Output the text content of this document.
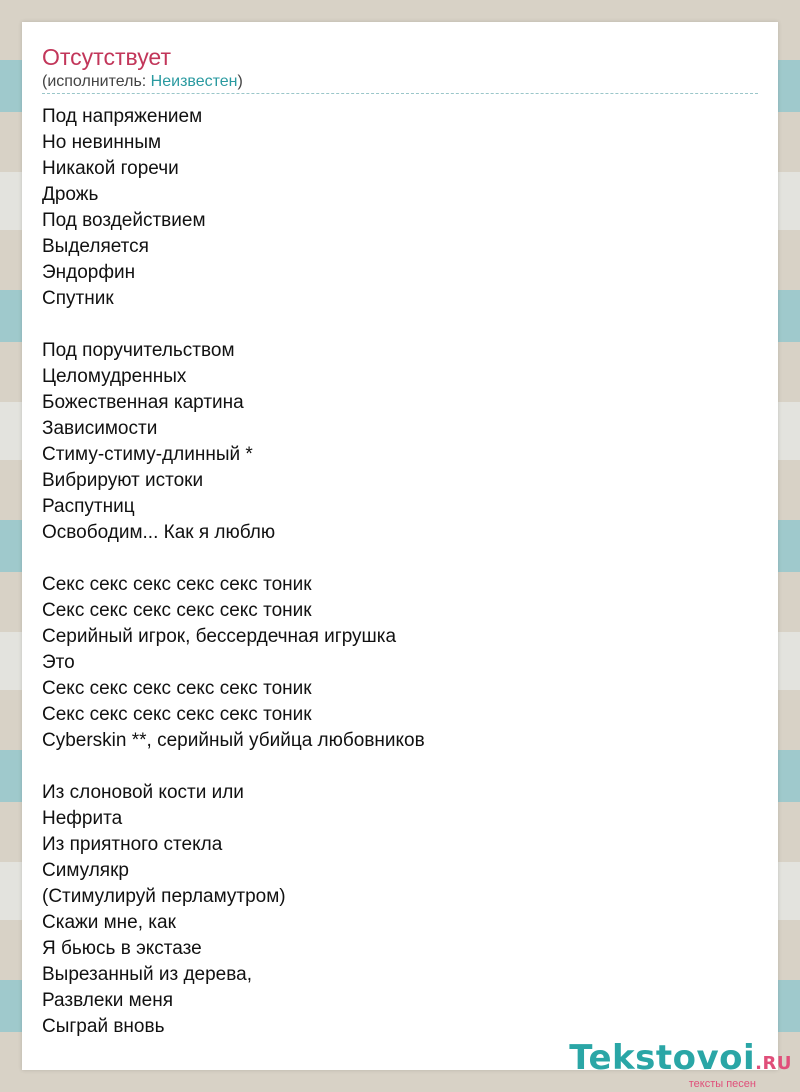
Отсутствует
(исполнитель: Неизвестен)
Под напряжением
Но невинным
Никакой горечи
Дрожь
Под воздействием
Выделяется
Эндорфин
Спутник
Под поручительством
Целомудренных
Божественная картина
Зависимости
Стиму-стиму-длинный *
Вибрируют истоки
Распутниц
Освободим... Как я люблю
Секс секс секс секс секс тоник
Секс секс секс секс секс тоник
Серийный игрок, бессердечная игрушка
Это
Секс секс секс секс секс тоник
Секс секс секс секс секс тоник
Cyberskin **, серийный убийца любовников
Из слоновой кости или
Нефрита
Из приятного стекла
Симулякр
(Стимулируй перламутром)
Скажи мне, как
Я бьюсь в экстазе
Вырезанный из дерева,
Развлеки меня
Сыграй вновь
Tekstovoi.RU
тексты песен
